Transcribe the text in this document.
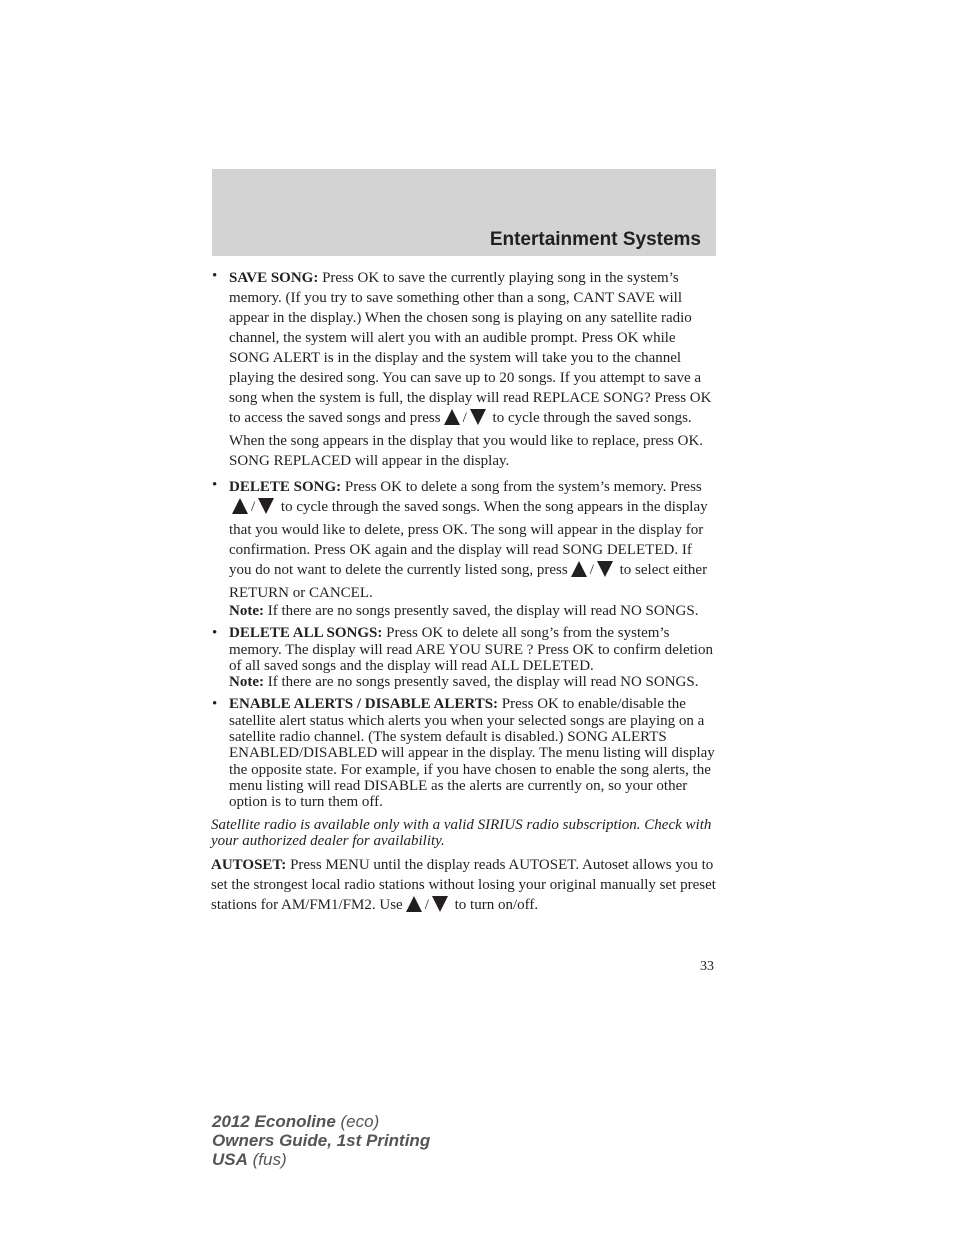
Entertainment Systems
• SAVE SONG: Press OK to save the currently playing song in the system’s memory. (If you try to save something other than a song, CANT SAVE will appear in the display.) When the chosen song is playing on any satellite radio channel, the system will alert you with an audible prompt. Press OK while SONG ALERT is in the display and the system will take you to the channel playing the desired song. You can save up to 20 songs. If you attempt to save a song when the system is full, the display will read REPLACE SONG? Press OK to access the saved songs and press / to cycle through the saved songs. When the song appears in the display that you would like to replace, press OK. SONG REPLACED will appear in the display.

• DELETE SONG: Press OK to delete a song from the system’s memory. Press/ to cycle through the saved songs. When the song appears in the display that you would like to delete, press OK. The song will appear in the display for confirmation. Press OK again and the display will read SONG DELETED. If you do not want to delete the currently listed song, press / to select either RETURN or CANCEL.

Note: If there are no songs presently saved, the display will read NO SONGS.

• DELETE ALL SONGS: Press OK to delete all song’s from the system’s memory. The display will read ARE YOU SURE ? Press OK to confirm deletion of all saved songs and the display will read ALL DELETED.

Note: If there are no songs presently saved, the display will read NO SONGS.

• ENABLE ALERTS / DISABLE ALERTS: Press OK to enable/disable the satellite alert status which alerts you when your selected songs are playing on a satellite radio channel. (The system default is disabled.) SONG ALERTS ENABLED/DISABLED will appear in the display. The menu listing will display the opposite state. For example, if you have chosen to enable the song alerts, the menu listing will read DISABLE as the alerts are currently on, so your other option is to turn them off.

Satellite radio is available only with a valid SIRIUS radio subscription. Check with your authorized dealer for availability.

AUTOSET: Press MENU until the display reads AUTOSET. Autoset allows you to set the strongest local radio stations without losing your original manually set preset stations for AM/FM1/FM2. Use / to turn on/off.

33
2012 Econoline (eco)
Owners Guide, 1st Printing
USA (fus)
